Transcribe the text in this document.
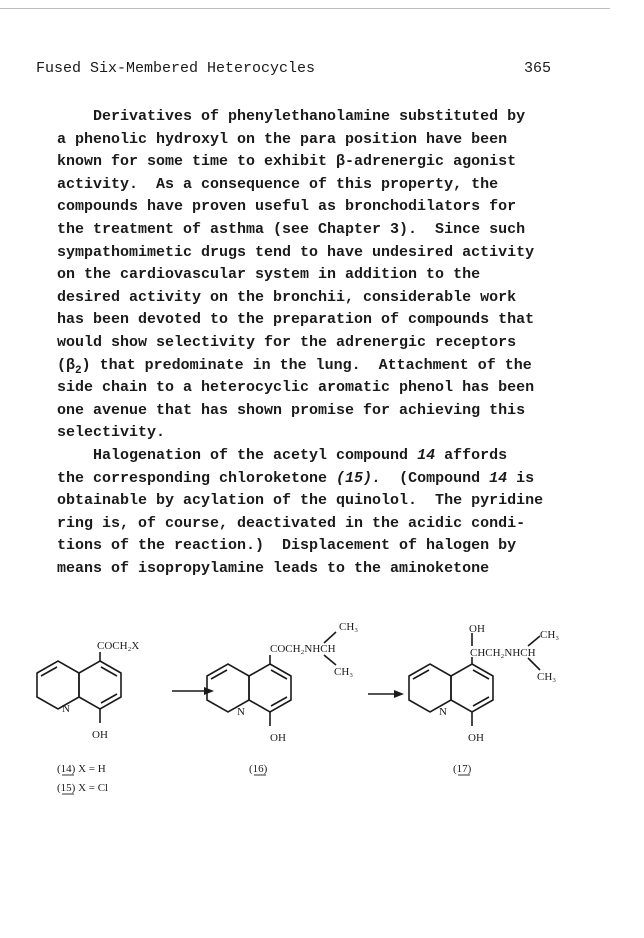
Fused Six-Membered Heterocycles	365
Derivatives of phenylethanolamine substituted by
a phenolic hydroxyl on the para position have been
known for some time to exhibit β-adrenergic agonist
activity.  As a consequence of this property, the
compounds have proven useful as bronchodilators for
the treatment of asthma (see Chapter 3).  Since such
sympathomimetic drugs tend to have undesired activity
on the cardiovascular system in addition to the
desired activity on the bronchii, considerable work
has been devoted to the preparation of compounds that
would show selectivity for the adrenergic receptors
$(\beta_2)$ that predominate in the lung.  Attachment of the
side chain to a heterocyclic aromatic phenol has been
one avenue that has shown promise for achieving this
selectivity.
Halogenation of the acetyl compound 14 affords
the corresponding chloroketone (15).  (Compound 14 is
obtainable by acylation of the quinolol.  The pyridine
ring is, of course, deactivated in the acidic condi-
tions of the reaction.)  Displacement of halogen by
means of isopropylamine leads to the aminoketone
COCH₂X
N
OH
COCH₂NHCH
CH₃
CH₃
N
OH
OH
CHCH₂NHCH
CH₃
CH₃
N
OH
(14) X = H
(15) X = Cl
(16)	(17)
